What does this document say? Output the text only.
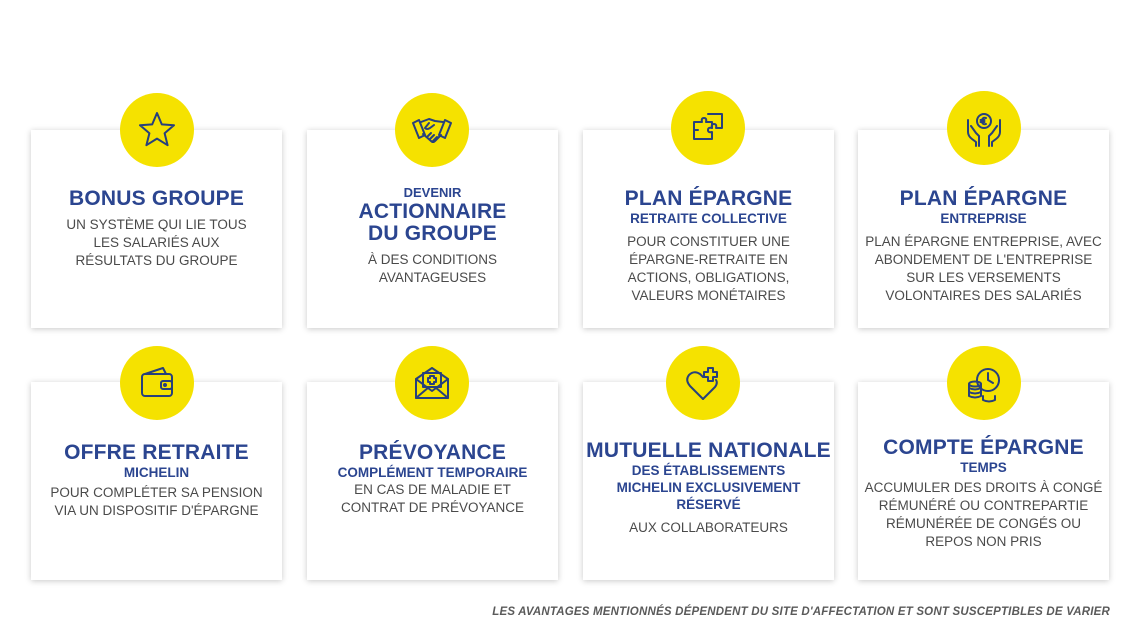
BONUS GROUPE
UN SYSTÈME QUI LIE TOUS
LES SALARIÉS AUX
RÉSULTATS DU GROUPE
DEVENIR
ACTIONNAIRE
DU GROUPE
À DES CONDITIONS
AVANTAGEUSES
PLAN ÉPARGNE
RETRAITE COLLECTIVE
POUR CONSTITUER UNE
ÉPARGNE-RETRAITE EN
ACTIONS, OBLIGATIONS,
VALEURS MONÉTAIRES
PLAN ÉPARGNE
ENTREPRISE
PLAN ÉPARGNE ENTREPRISE, AVEC
ABONDEMENT DE L'ENTREPRISE
SUR LES VERSEMENTS
VOLONTAIRES DES SALARIÉS
OFFRE RETRAITE
MICHELIN
POUR COMPLÉTER SA PENSION
VIA UN DISPOSITIF D'ÉPARGNE
PRÉVOYANCE
COMPLÉMENT TEMPORAIRE
EN CAS DE MALADIE ET
CONTRAT DE PRÉVOYANCE
MUTUELLE NATIONALE
DES ÉTABLISSEMENTS
MICHELIN EXCLUSIVEMENT
RÉSERVÉ
AUX COLLABORATEURS
COMPTE ÉPARGNE
TEMPS
ACCUMULER DES DROITS À CONGÉ
RÉMUNÉRÉ OU CONTREPARTIE
RÉMUNÉRÉE DE CONGÉS OU
REPOS NON PRIS
LES AVANTAGES MENTIONNÉS DÉPENDENT DU SITE D'AFFECTATION ET SONT SUSCEPTIBLES DE VARIER
